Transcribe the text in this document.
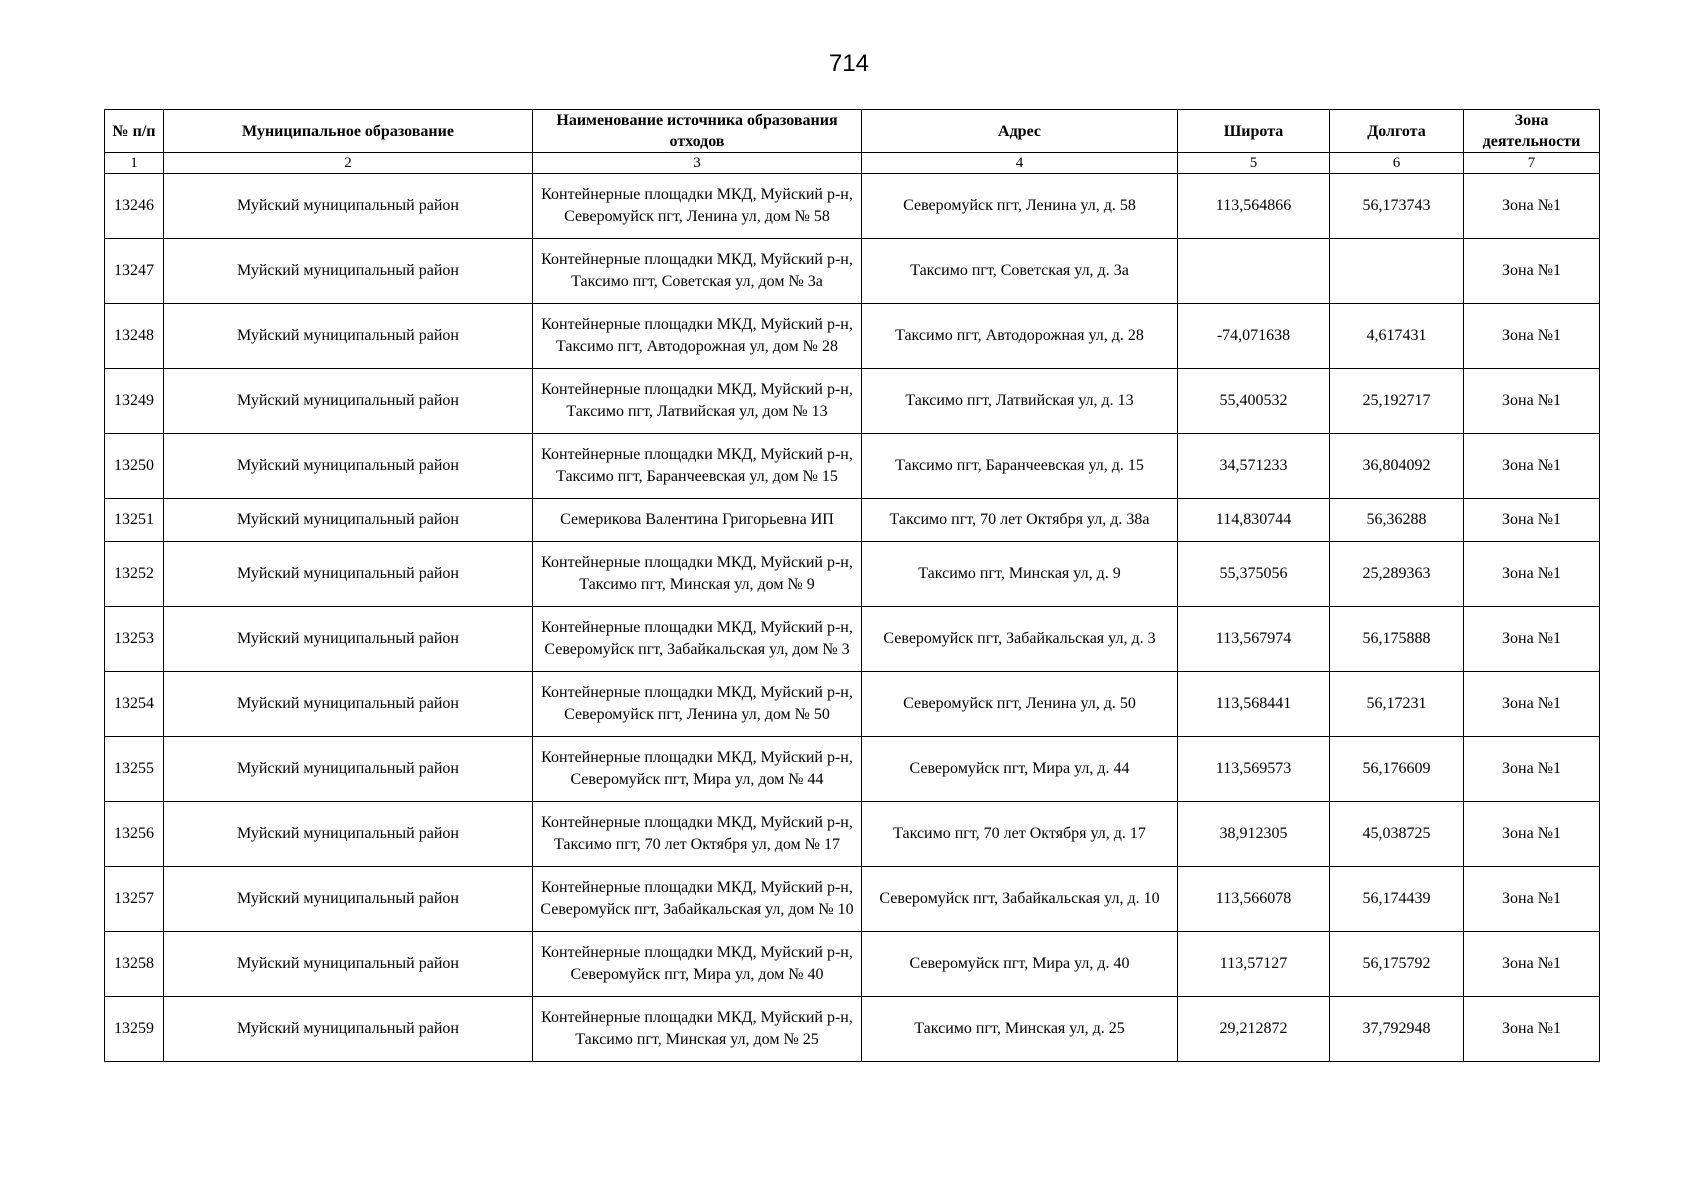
714
№ п/п	Муниципальное образование	Наименование источника образования отходов	Адрес	Широта	Долгота	Зона деятельности
1	2	3	4	5	6	7
13246	Муйский муниципальный район	Контейнерные площадки МКД, Муйский р-н, Северомуйск пгт, Ленина ул, дом № 58	Северомуйск пгт, Ленина ул, д. 58	113,564866	56,173743	Зона №1
13247	Муйский муниципальный район	Контейнерные площадки МКД, Муйский р-н, Таксимо пгт, Советская ул, дом № 3а	Таксимо пгт, Советская ул, д. 3а			Зона №1
13248	Муйский муниципальный район	Контейнерные площадки МКД, Муйский р-н, Таксимо пгт, Автодорожная ул, дом № 28	Таксимо пгт, Автодорожная ул, д. 28	-74,071638	4,617431	Зона №1
13249	Муйский муниципальный район	Контейнерные площадки МКД, Муйский р-н, Таксимо пгт, Латвийская ул, дом № 13	Таксимо пгт, Латвийская ул, д. 13	55,400532	25,192717	Зона №1
13250	Муйский муниципальный район	Контейнерные площадки МКД, Муйский р-н, Таксимо пгт, Баранчеевская ул, дом № 15	Таксимо пгт, Баранчеевская ул, д. 15	34,571233	36,804092	Зона №1
13251	Муйский муниципальный район	Семерикова Валентина Григорьевна ИП	Таксимо пгт, 70 лет Октября ул, д. 38а	114,830744	56,36288	Зона №1
13252	Муйский муниципальный район	Контейнерные площадки МКД, Муйский р-н, Таксимо пгт, Минская ул, дом № 9	Таксимо пгт, Минская ул, д. 9	55,375056	25,289363	Зона №1
13253	Муйский муниципальный район	Контейнерные площадки МКД, Муйский р-н, Северомуйск пгт, Забайкальская ул, дом № 3	Северомуйск пгт, Забайкальская ул, д. 3	113,567974	56,175888	Зона №1
13254	Муйский муниципальный район	Контейнерные площадки МКД, Муйский р-н, Северомуйск пгт, Ленина ул, дом № 50	Северомуйск пгт, Ленина ул, д. 50	113,568441	56,17231	Зона №1
13255	Муйский муниципальный район	Контейнерные площадки МКД, Муйский р-н, Северомуйск пгт, Мира ул, дом № 44	Северомуйск пгт, Мира ул, д. 44	113,569573	56,176609	Зона №1
13256	Муйский муниципальный район	Контейнерные площадки МКД, Муйский р-н, Таксимо пгт, 70 лет Октября ул, дом № 17	Таксимо пгт, 70 лет Октября ул, д. 17	38,912305	45,038725	Зона №1
13257	Муйский муниципальный район	Контейнерные площадки МКД, Муйский р-н, Северомуйск пгт, Забайкальская ул, дом № 10	Северомуйск пгт, Забайкальская ул, д. 10	113,566078	56,174439	Зона №1
13258	Муйский муниципальный район	Контейнерные площадки МКД, Муйский р-н, Северомуйск пгт, Мира ул, дом № 40	Северомуйск пгт, Мира ул, д. 40	113,57127	56,175792	Зона №1
13259	Муйский муниципальный район	Контейнерные площадки МКД, Муйский р-н, Таксимо пгт, Минская ул, дом № 25	Таксимо пгт, Минская ул, д. 25	29,212872	37,792948	Зона №1
